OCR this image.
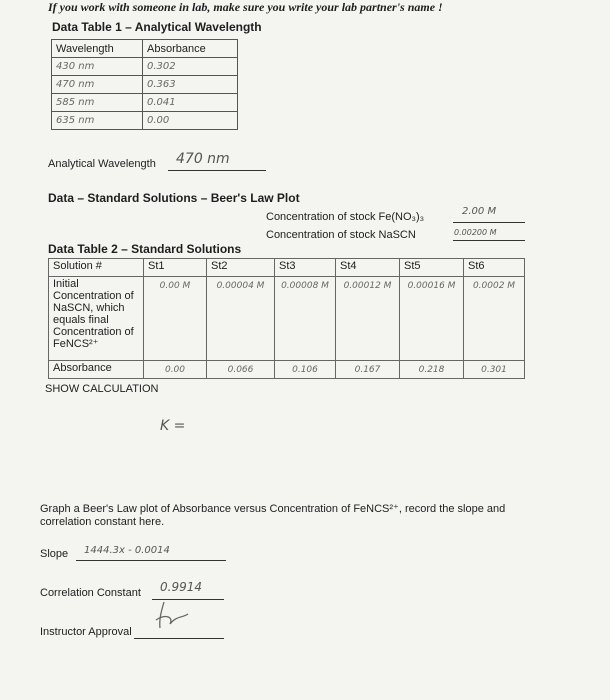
If you work with someone in lab, make sure you write your lab partner's name !
Data Table 1 – Analytical Wavelength
Wavelength	Absorbance
430 nm	0.302
470 nm	0.363
585 nm	0.041
635 nm	0.00
Analytical Wavelength 470 nm
Data – Standard Solutions – Beer's Law Plot
Concentration of stock Fe(NO₃)₃	2.00 M
Concentration of stock NaSCN	0.00200 M
Data Table 2 – Standard Solutions
Solution #	St1	St2	St3	St4	St5	St6
Initial Concentration of NaSCN, which equals final Concentration of FeNCS²⁺	0.00 M	0.00004 M	0.00008 M	0.00012 M	0.00016 M	0.0002 M
Absorbance	0.00	0.066	0.106	0.167	0.218	0.301
SHOW CALCULATION
K =
Graph a Beer's Law plot of Absorbance versus Concentration of FeNCS²⁺, record the slope and correlation constant here.
Slope 1444.3x - 0.0014
Correlation Constant 0.9914
Instructor Approval
